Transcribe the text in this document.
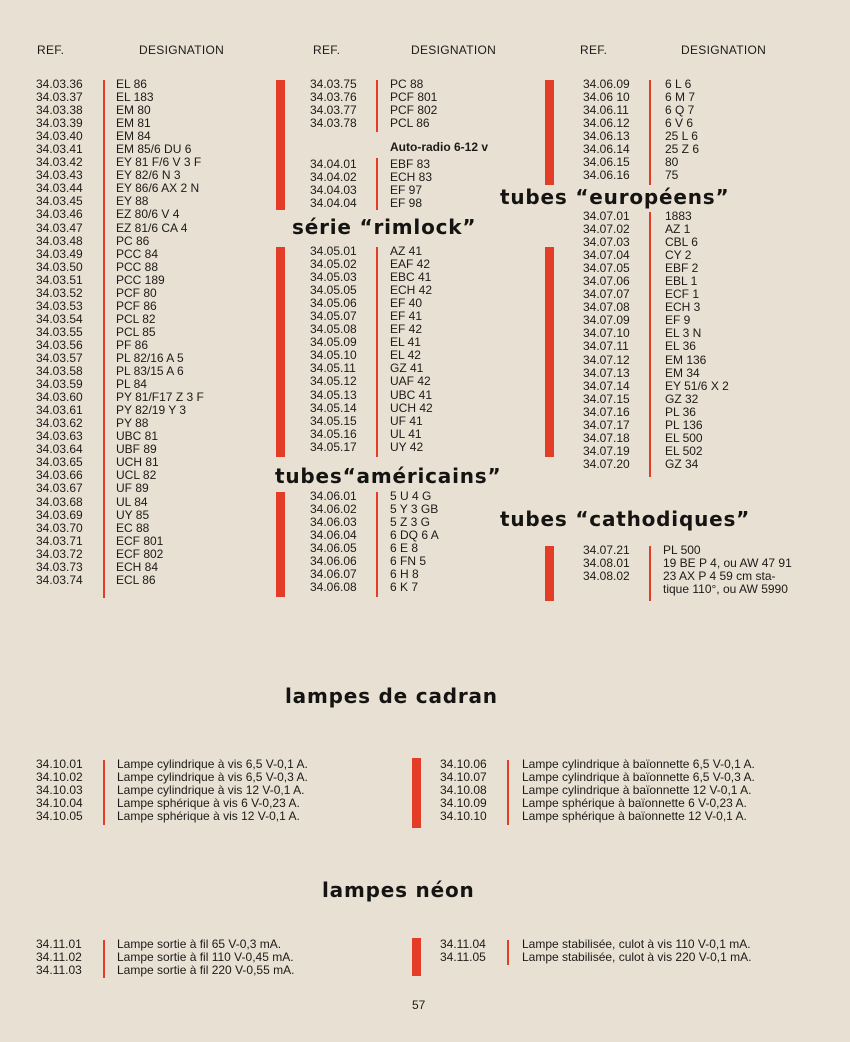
REF.	DESIGNATION	REF.	DESIGNATION	REF.	DESIGNATION
34.03.36	EL 86
34.03.37	EL 183
34.03.38	EM 80
34.03.39	EM 81
34.03.40	EM 84
34.03.41	EM 85/6 DU 6
34.03.42	EY 81 F/6 V 3 F
34.03.43	EY 82/6 N 3
34.03.44	EY 86/6 AX 2 N
34.03.45	EY 88
34.03.46	EZ 80/6 V 4
34.03.47	EZ 81/6 CA 4
34.03.48	PC 86
34.03.49	PCC 84
34.03.50	PCC 88
34.03.51	PCC 189
34.03.52	PCF 80
34.03.53	PCF 86
34.03.54	PCL 82
34.03.55	PCL 85
34.03.56	PF 86
34.03.57	PL 82/16 A 5
34.03.58	PL 83/15 A 6
34.03.59	PL 84
34.03.60	PY 81/F17 Z 3 F
34.03.61	PY 82/19 Y 3
34.03.62	PY 88
34.03.63	UBC 81
34.03.64	UBF 89
34.03.65	UCH 81
34.03.66	UCL 82
34.03.67	UF 89
34.03.68	UL 84
34.03.69	UY 85
34.03.70	EC 88
34.03.71	ECF 801
34.03.72	ECF 802
34.03.73	ECH 84
34.03.74	ECL 86
34.03.75	PC 88
34.03.76	PCF 801
34.03.77	PCF 802
34.03.78	PCL 86
Auto-radio 6-12 v
34.04.01	EBF 83
34.04.02	ECH 83
34.04.03	EF 97
34.04.04	EF 98
série “rimlock”
34.05.01	AZ 41
34.05.02	EAF 42
34.05.03	EBC 41
34.05.05	ECH 42
34.05.06	EF 40
34.05.07	EF 41
34.05.08	EF 42
34.05.09	EL 41
34.05.10	EL 42
34.05.11	GZ 41
34.05.12	UAF 42
34.05.13	UBC 41
34.05.14	UCH 42
34.05.15	UF 41
34.05.16	UL 41
34.05.17	UY 42
tubes“américains”
34.06.01	5 U 4 G
34.06.02	5 Y 3 GB
34.06.03	5 Z 3 G
34.06.04	6 DQ 6 A
34.06.05	6 E 8
34.06.06	6 FN 5
34.06.07	6 H 8
34.06.08	6 K 7
34.06.09	6 L 6
34.06 10	6 M 7
34.06.11	6 Q 7
34.06.12	6 V 6
34.06.13	25 L 6
34.06.14	25 Z 6
34.06.15	80
34.06.16	75
tubes “européens”
34.07.01	1883
34.07.02	AZ 1
34.07.03	CBL 6
34.07.04	CY 2
34.07.05	EBF 2
34.07.06	EBL 1
34.07.07	ECF 1
34.07.08	ECH 3
34.07.09	EF 9
34.07.10	EL 3 N
34.07.11	EL 36
34.07.12	EM 136
34.07.13	EM 34
34.07.14	EY 51/6 X 2
34.07.15	GZ 32
34.07.16	PL 36
34.07.17	PL 136
34.07.18	EL 500
34.07.19	EL 502
34.07.20	GZ 34
tubes “cathodiques”
34.07.21	PL 500
34.08.01	19 BE P 4, ou AW 47 91
34.08.02	23 AX P 4 59 cm sta-
tique 110°, ou AW 5990
lampes de cadran
34.10.01	Lampe cylindrique à vis 6,5 V-0,1 A.
34.10.02	Lampe cylindrique à vis 6,5 V-0,3 A.
34.10.03	Lampe cylindrique à vis 12 V-0,1 A.
34.10.04	Lampe sphérique à vis 6 V-0,23 A.
34.10.05	Lampe sphérique à vis 12 V-0,1 A.
34.10.06	Lampe cylindrique à baïonnette 6,5 V-0,1 A.
34.10.07	Lampe cylindrique à baïonnette 6,5 V-0,3 A.
34.10.08	Lampe cylindrique à baïonnette 12 V-0,1 A.
34.10.09	Lampe sphérique à baïonnette 6 V-0,23 A.
34.10.10	Lampe sphérique à baïonnette 12 V-0,1 A.
lampes néon
34.11.01	Lampe sortie à fil 65 V-0,3 mA.
34.11.02	Lampe sortie à fil 110 V-0,45 mA.
34.11.03	Lampe sortie à fil 220 V-0,55 mA.
34.11.04	Lampe stabilisée, culot à vis 110 V-0,1 mA.
34.11.05	Lampe stabilisée, culot à vis 220 V-0,1 mA.
57
